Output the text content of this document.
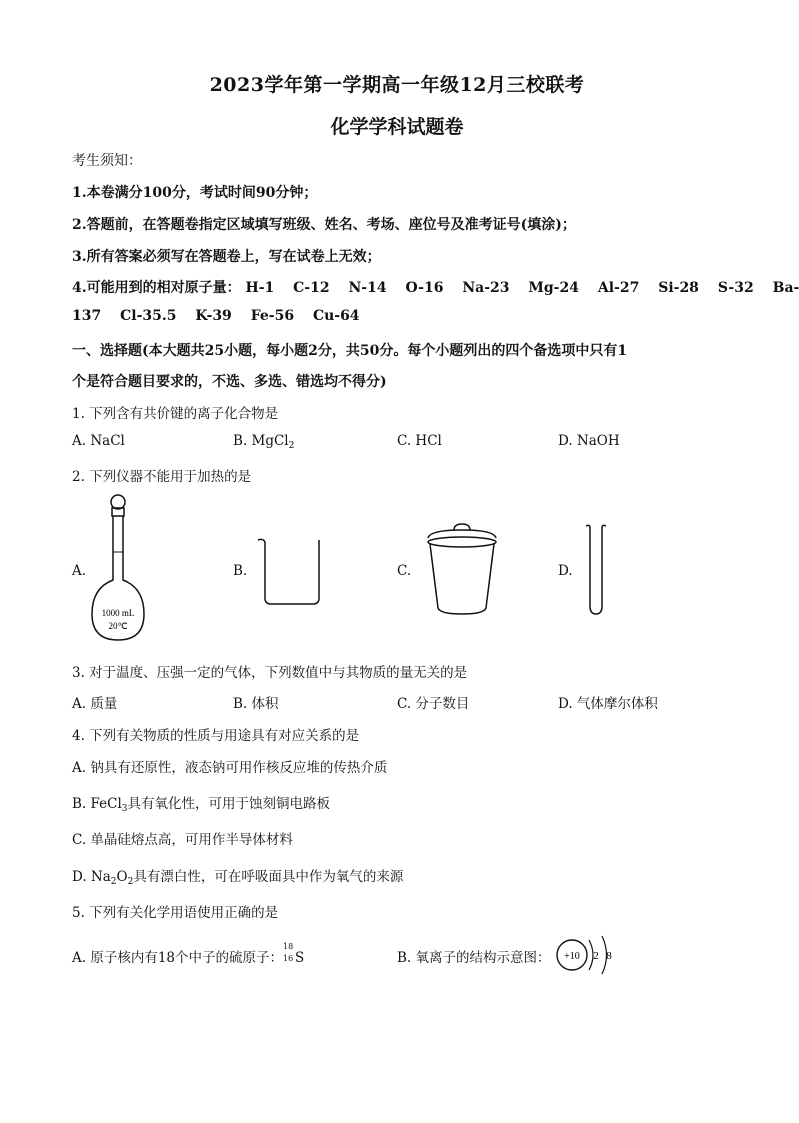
2023学年第一学期高一年级12月三校联考
化学学科试题卷
考生须知：
1.本卷满分100分，考试时间90分钟；
2.答题前，在答题卷指定区域填写班级、姓名、考场、座位号及准考证号(填涂)；
3.所有答案必须写在答题卷上，写在试卷上无效；
4.可能用到的相对原子量： H-1 C-12 N-14 O-16 Na-23 Mg-24 Al-27 Si-28 S-32 Ba-
137 Cl-35.5 K-39 Fe-56 Cu-64
一、选择题(本大题共25小题，每小题2分，共50分。每个小题列出的四个备选项中只有1
个是符合题目要求的，不选、多选、错选均不得分)
1. 下列含有共价键的离子化合物是
A. NaCl	B. MgCl$_2$	C. HCl	D. NaOH
2. 下列仪器不能用于加热的是
A.	B.	C.	D.
1000 mL
20℃
3. 对于温度、压强一定的气体，下列数值中与其物质的量无关的是
A. 质量	B. 体积	C. 分子数目	D. 气体摩尔体积
4. 下列有关物质的性质与用途具有对应关系的是
A. 钠具有还原性，液态钠可用作核反应堆的传热介质
B. FeCl$_3$具有氧化性，可用于蚀刻铜电路板
C. 单晶硅熔点高，可用作半导体材料
D. $Na_2O_2$具有漂白性，可在呼吸面具中作为氧气的来源
5. 下列有关化学用语使用正确的是
A. 原子核内有18个中子的硫原子：
18
16 S	B. 氧离子的结构示意图： +10 2 8
